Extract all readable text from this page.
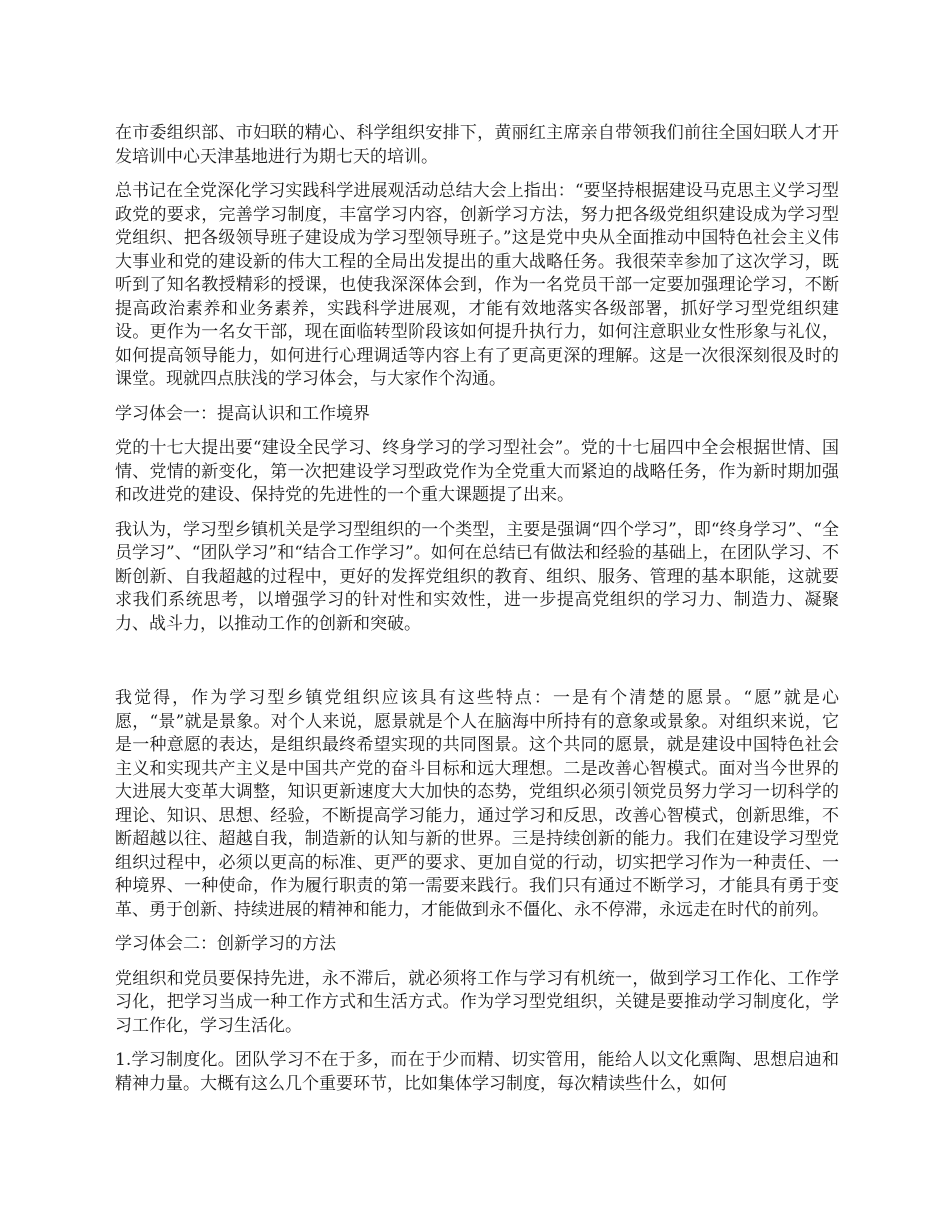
在市委组织部、市妇联的精心、科学组织安排下，黄丽红主席亲自带领我们前往全国妇联人才开发培训中心天津基地进行为期七天的培训。

总书记在全党深化学习实践科学进展观活动总结大会上指出：“要坚持根据建设马克思主义学习型政党的要求，完善学习制度，丰富学习内容，创新学习方法，努力把各级党组织建设成为学习型党组织、把各级领导班子建设成为学习型领导班子。”这是党中央从全面推动中国特色社会主义伟大事业和党的建设新的伟大工程的全局出发提出的重大战略任务。我很荣幸参加了这次学习，既听到了知名教授精彩的授课，也使我深深体会到，作为一名党员干部一定要加强理论学习，不断提高政治素养和业务素养，实践科学进展观，才能有效地落实各级部署，抓好学习型党组织建设。更作为一名女干部，现在面临转型阶段该如何提升执行力，如何注意职业女性形象与礼仪，如何提高领导能力，如何进行心理调适等内容上有了更高更深的理解。这是一次很深刻很及时的课堂。现就四点肤浅的学习体会，与大家作个沟通。

学习体会一：提高认识和工作境界

党的十七大提出要“建设全民学习、终身学习的学习型社会”。党的十七届四中全会根据世情、国情、党情的新变化，第一次把建设学习型政党作为全党重大而紧迫的战略任务，作为新时期加强和改进党的建设、保持党的先进性的一个重大课题提了出来。

我认为，学习型乡镇机关是学习型组织的一个类型，主要是强调“四个学习”，即“终身学习”、“全员学习”、“团队学习”和“结合工作学习”。如何在总结已有做法和经验的基础上，在团队学习、不断创新、自我超越的过程中，更好的发挥党组织的教育、组织、服务、管理的基本职能，这就要求我们系统思考，以增强学习的针对性和实效性，进一步提高党组织的学习力、制造力、凝聚力、战斗力，以推动工作的创新和突破。

我觉得，作为学习型乡镇党组织应该具有这些特点：一是有个清楚的愿景。“愿”就是心愿，“景”就是景象。对个人来说，愿景就是个人在脑海中所持有的意象或景象。对组织来说，它是一种意愿的表达，是组织最终希望实现的共同图景。这个共同的愿景，就是建设中国特色社会主义和实现共产主义是中国共产党的奋斗目标和远大理想。二是改善心智模式。面对当今世界的大进展大变革大调整，知识更新速度大大加快的态势，党组织必须引领党员努力学习一切科学的理论、知识、思想、经验，不断提高学习能力，通过学习和反思，改善心智模式，创新思维，不断超越以往、超越自我，制造新的认知与新的世界。三是持续创新的能力。我们在建设学习型党组织过程中，必须以更高的标准、更严的要求、更加自觉的行动，切实把学习作为一种责任、一种境界、一种使命，作为履行职责的第一需要来践行。我们只有通过不断学习，才能具有勇于变革、勇于创新、持续进展的精神和能力，才能做到永不僵化、永不停滞，永远走在时代的前列。

学习体会二：创新学习的方法

党组织和党员要保持先进，永不滞后，就必须将工作与学习有机统一，做到学习工作化、工作学习化，把学习当成一种工作方式和生活方式。作为学习型党组织，关键是要推动学习制度化，学习工作化，学习生活化。

1.学习制度化。团队学习不在于多，而在于少而精、切实管用，能给人以文化熏陶、思想启迪和精神力量。大概有这么几个重要环节，比如集体学习制度，每次精读些什么，如何
